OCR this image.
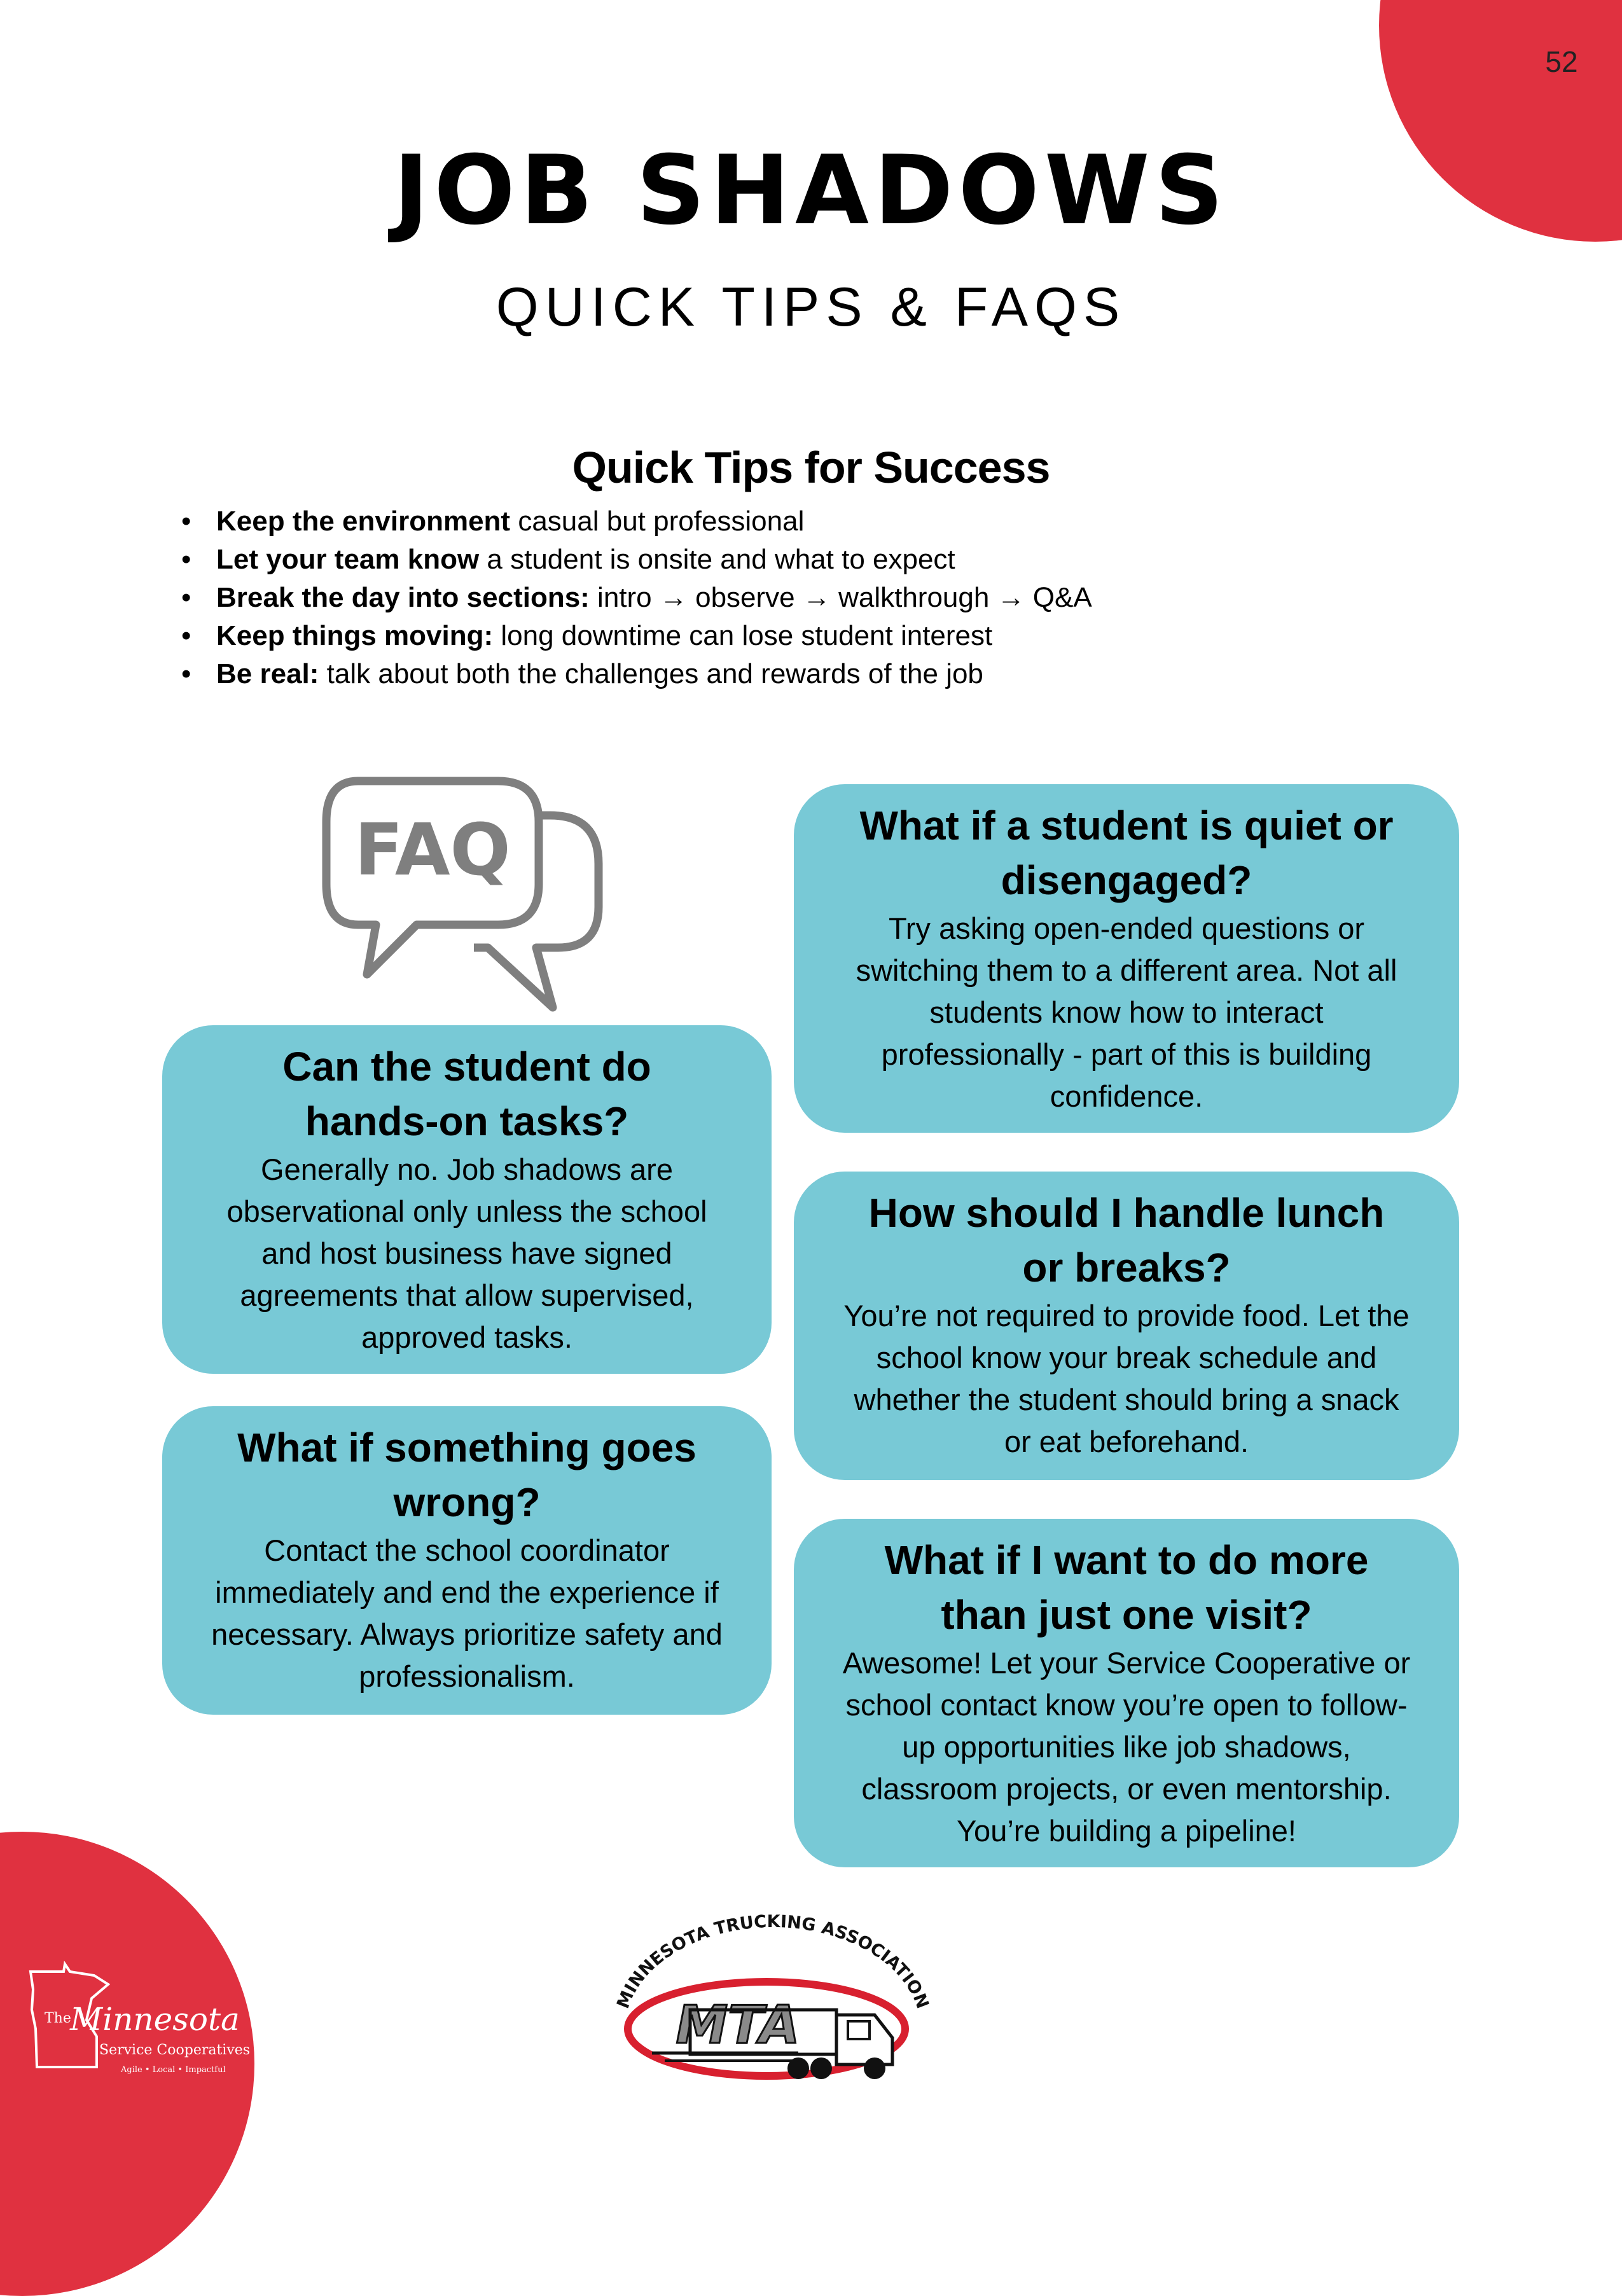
52
JOB SHADOWS
QUICK TIPS & FAQS
Quick Tips for Success
• Keep the environment casual but professional
• Let your team know a student is onsite and what to expect
• Break the day into sections: intro → observe → walkthrough → Q&A
• Keep things moving: long downtime can lose student interest
• Be real: talk about both the challenges and rewards of the job
FAQ	What if a student is quiet or
disengaged?

Try asking open-ended questions or
switching them to a different area. Not all
students know how to interact
professionally - part of this is building
confidence.

Can the student do
hands-on tasks?

Generally no. Job shadows are
observational only unless the school
and host business have signed
agreements that allow supervised,
approved tasks.

How should I handle lunch
or breaks?

You’re not required to provide food. Let the
school know your break schedule and
whether the student should bring a snack
or eat beforehand.

What if something goes
wrong?

Contact the school coordinator
immediately and end the experience if
necessary. Always prioritize safety and
professionalism.

What if I want to do more
than just one visit?

Awesome! Let your Service Cooperative or
school contact know you’re open to follow-
up opportunities like job shadows,
classroom projects, or even mentorship.
You’re building a pipeline!

MINNESOTA TRUCKING ASSOCIATION
MTA
The
Minnesota
Service Cooperatives
Agile • Local • Impactful
